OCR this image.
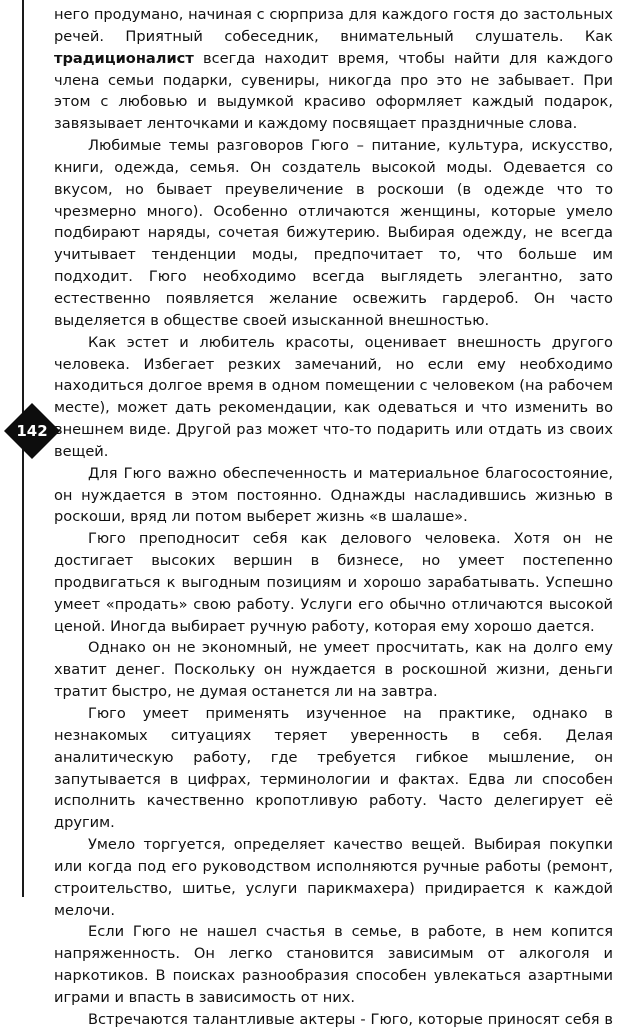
142

него продумано, начиная с сюрприза для каждого гостя до застольных речей. Приятный собеседник, внимательный слушатель. Как традиционалист всегда находит время, чтобы найти для каждого члена семьи подарки, сувениры, никогда про это не забывает. При этом с любовью и выдумкой красиво оформляет каждый подарок, завязывает ленточками и каждому посвящает праздничные слова.

Любимые темы разговоров Гюго – питание, культура, искусство, книги, одежда, семья. Он создатель высокой моды. Одевается со вкусом, но бывает преувеличение в роскоши (в одежде что то чрезмерно много). Особенно отличаются женщины, которые умело подбирают наряды, сочетая бижутерию. Выбирая одежду, не всегда учитывает тенденции моды, предпочитает то, что больше им подходит. Гюго необходимо всегда выглядеть элегантно, зато естественно появляется желание освежить гардероб. Он часто выделяется в обществе своей изысканной внешностью.

Как эстет и любитель красоты, оценивает внешность другого человека. Избегает резких замечаний, но если ему необходимо находиться долгое время в одном помещении с человеком (на рабочем месте), может дать рекомендации, как одеваться и что изменить во внешнем виде. Другой раз может что-то подарить или отдать из своих вещей.

Для Гюго важно обеспеченность и материальное благосостояние, он нуждается в этом постоянно. Однажды насладившись жизнью в роскоши, вряд ли потом выберет жизнь «в шалаше».

Гюго преподносит себя как делового человека. Хотя он не достигает высоких вершин в бизнесе, но умеет постепенно продвигаться к выгодным позициям и хорошо зарабатывать. Успешно умеет «продать» свою работу. Услуги его обычно отличаются высокой ценой. Иногда выбирает ручную работу, которая ему хорошо дается.

Однако он не экономный, не умеет просчитать, как на долго ему хватит денег. Поскольку он нуждается в роскошной жизни, деньги тратит быстро, не думая останется ли на завтра.

Гюго умеет применять изученное на практике, однако в незнакомых ситуациях теряет уверенность в себя. Делая аналитическую работу, где требуется гибкое мышление, он запутывается в цифрах, терминологии и фактах. Едва ли способен исполнить качественно кропотливую работу. Часто делегирует её другим.

Умело торгуется, определяет качество вещей. Выбирая покупки или когда под его руководством исполняются ручные работы (ремонт, строительство, шитье, услуги парикмахера) придирается к каждой мелочи.

Если Гюго не нашел счастья в семье, в работе, в нем копится напряженность. Он легко становится зависимым от алкоголя и наркотиков. В поисках разнообразия способен увлекаться азартными играми и впасть в зависимость от них.

Встречаются талантливые актеры - Гюго, которые приносят себя в
